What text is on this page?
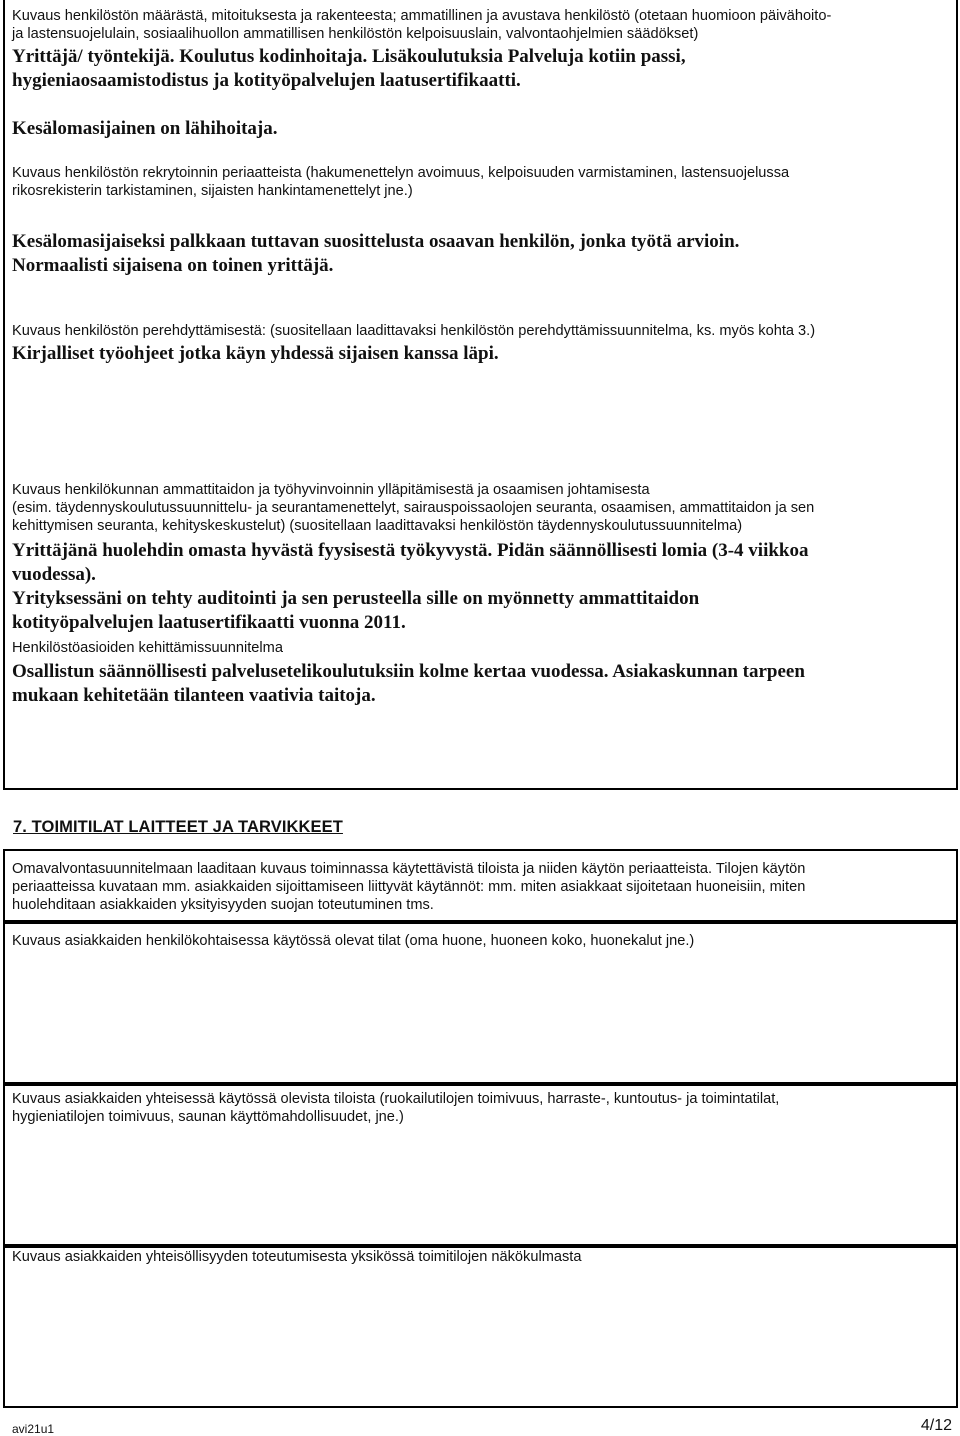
Kuvaus henkilöstön määrästä, mitoituksesta ja rakenteesta; ammatillinen ja avustava henkilöstö (otetaan huomioon päivähoito-

ja lastensuojelulain, sosiaalihuollon ammatillisen henkilöstön kelpoisuuslain, valvontaohjelmien säädökset)

Yrittäjä/ työntekijä. Koulutus kodinhoitaja. Lisäkoulutuksia Palveluja kotiin passi,

hygieniaosaamistodistus ja kotityöpalvelujen laatusertifikaatti.

Kesälomasijainen on lähihoitaja.

Kuvaus henkilöstön rekrytoinnin periaatteista (hakumenettelyn avoimuus, kelpoisuuden varmistaminen, lastensuojelussa

rikosrekisterin tarkistaminen, sijaisten hankintamenettelyt jne.)

Kesälomasijaiseksi palkkaan tuttavan suosittelusta osaavan henkilön, jonka työtä arvioin.

Normaalisti sijaisena on toinen yrittäjä.

Kuvaus henkilöstön perehdyttämisestä: (suositellaan laadittavaksi henkilöstön perehdyttämissuunnitelma, ks. myös kohta 3.)

Kirjalliset työohjeet jotka käyn yhdessä sijaisen kanssa läpi.

Kuvaus henkilökunnan ammattitaidon ja työhyvinvoinnin ylläpitämisestä ja osaamisen johtamisesta

(esim. täydennyskoulutussuunnittelu- ja seurantamenettelyt, sairauspoissaolojen seuranta, osaamisen, ammattitaidon ja sen

kehittymisen seuranta, kehityskeskustelut) (suositellaan laadittavaksi henkilöstön täydennyskoulutussuunnitelma)

Yrittäjänä huolehdin omasta hyvästä fyysisestä työkyvystä. Pidän säännöllisesti lomia (3-4 viikkoa

vuodessa).

Yrityksessäni on tehty auditointi ja sen perusteella sille on myönnetty ammattitaidon

kotityöpalvelujen laatusertifikaatti vuonna 2011.

Henkilöstöasioiden kehittämissuunnitelma

Osallistun säännöllisesti palvelusetelikoulutuksiin kolme kertaa vuodessa. Asiakaskunnan tarpeen

mukaan kehitetään tilanteen vaativia taitoja.

7. TOIMITILAT LAITTEET JA TARVIKKEET

Omavalvontasuunnitelmaan laaditaan kuvaus toiminnassa käytettävistä tiloista ja niiden käytön periaatteista. Tilojen käytön

periaatteissa kuvataan mm. asiakkaiden sijoittamiseen liittyvät käytännöt: mm. miten asiakkaat sijoitetaan huoneisiin, miten

huolehditaan asiakkaiden yksityisyyden suojan toteutuminen tms.

Kuvaus asiakkaiden henkilökohtaisessa käytössä olevat tilat (oma huone, huoneen koko, huonekalut jne.)

Kuvaus asiakkaiden yhteisessä käytössä olevista tiloista (ruokailutilojen toimivuus, harraste-, kuntoutus- ja toimintatilat,

hygieniatilojen toimivuus, saunan käyttömahdollisuudet, jne.)

Kuvaus asiakkaiden yhteisöllisyyden toteutumisesta yksikössä toimitilojen näkökulmasta

avi21u1	4/12
